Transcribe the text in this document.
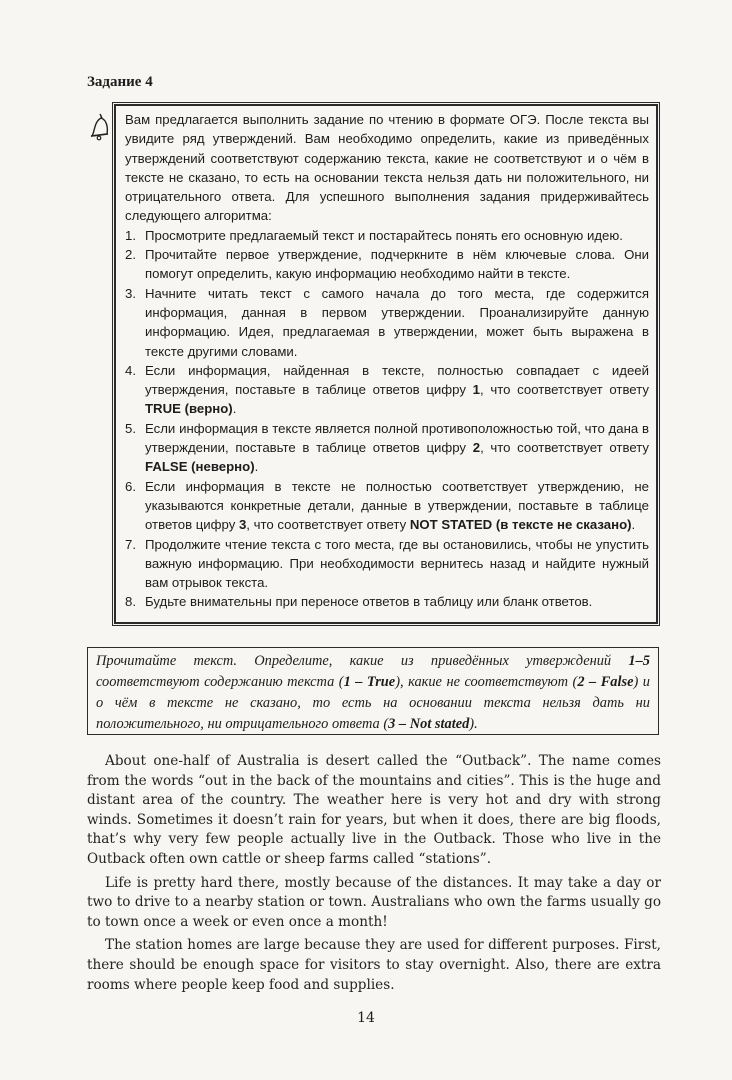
Задание 4
Вам предлагается выполнить задание по чтению в формате ОГЭ. После текста вы увидите ряд утверждений. Вам необходимо определить, какие из приведённых утверждений соответствуют содержанию текста, какие не соответствуют и о чём в тексте не сказано, то есть на основании текста нельзя дать ни положительного, ни отрицательного ответа. Для успешного выполнения задания придерживайтесь следующего алгоритма:
1. Просмотрите предлагаемый текст и постарайтесь понять его основную идею.
2. Прочитайте первое утверждение, подчеркните в нём ключевые слова. Они помогут определить, какую информацию необходимо найти в тексте.
3. Начните читать текст с самого начала до того места, где содержится информация, данная в первом утверждении. Проанализируйте данную информацию. Идея, предлагаемая в утверждении, может быть выражена в тексте другими словами.
4. Если информация, найденная в тексте, полностью совпадает с идеей утверждения, поставьте в таблице ответов цифру 1, что соответствует ответу TRUE (верно).
5. Если информация в тексте является полной противоположностью той, что дана в утверждении, поставьте в таблице ответов цифру 2, что соответствует ответу FALSE (неверно).
6. Если информация в тексте не полностью соответствует утверждению, не указываются конкретные детали, данные в утверждении, поставьте в таблице ответов цифру 3, что соответствует ответу NOT STATED (в тексте не сказано).
7. Продолжите чтение текста с того места, где вы остановились, чтобы не упустить важную информацию. При необходимости вернитесь назад и найдите нужный вам отрывок текста.
8. Будьте внимательны при переносе ответов в таблицу или бланк ответов.
Прочитайте текст. Определите, какие из приведённых утверждений 1–5 соответствуют содержанию текста (1 – True), какие не соответствуют (2 – False) и о чём в тексте не сказано, то есть на основании текста нельзя дать ни положительного, ни отрицательного ответа (3 – Not stated).

About one-half of Australia is desert called the “Outback”. The name comes from the words “out in the back of the mountains and cities”. This is the huge and distant area of the country. The weather here is very hot and dry with strong winds. Sometimes it doesn’t rain for years, but when it does, there are big floods, that’s why very few people actually live in the Outback. Those who live in the Outback often own cattle or sheep farms called “stations”.

Life is pretty hard there, mostly because of the distances. It may take a day or two to drive to a nearby station or town. Australians who own the farms usually go to town once a week or even once a month!

The station homes are large because they are used for different purposes. First, there should be enough space for visitors to stay overnight. Also, there are extra rooms where people keep food and supplies.

14
